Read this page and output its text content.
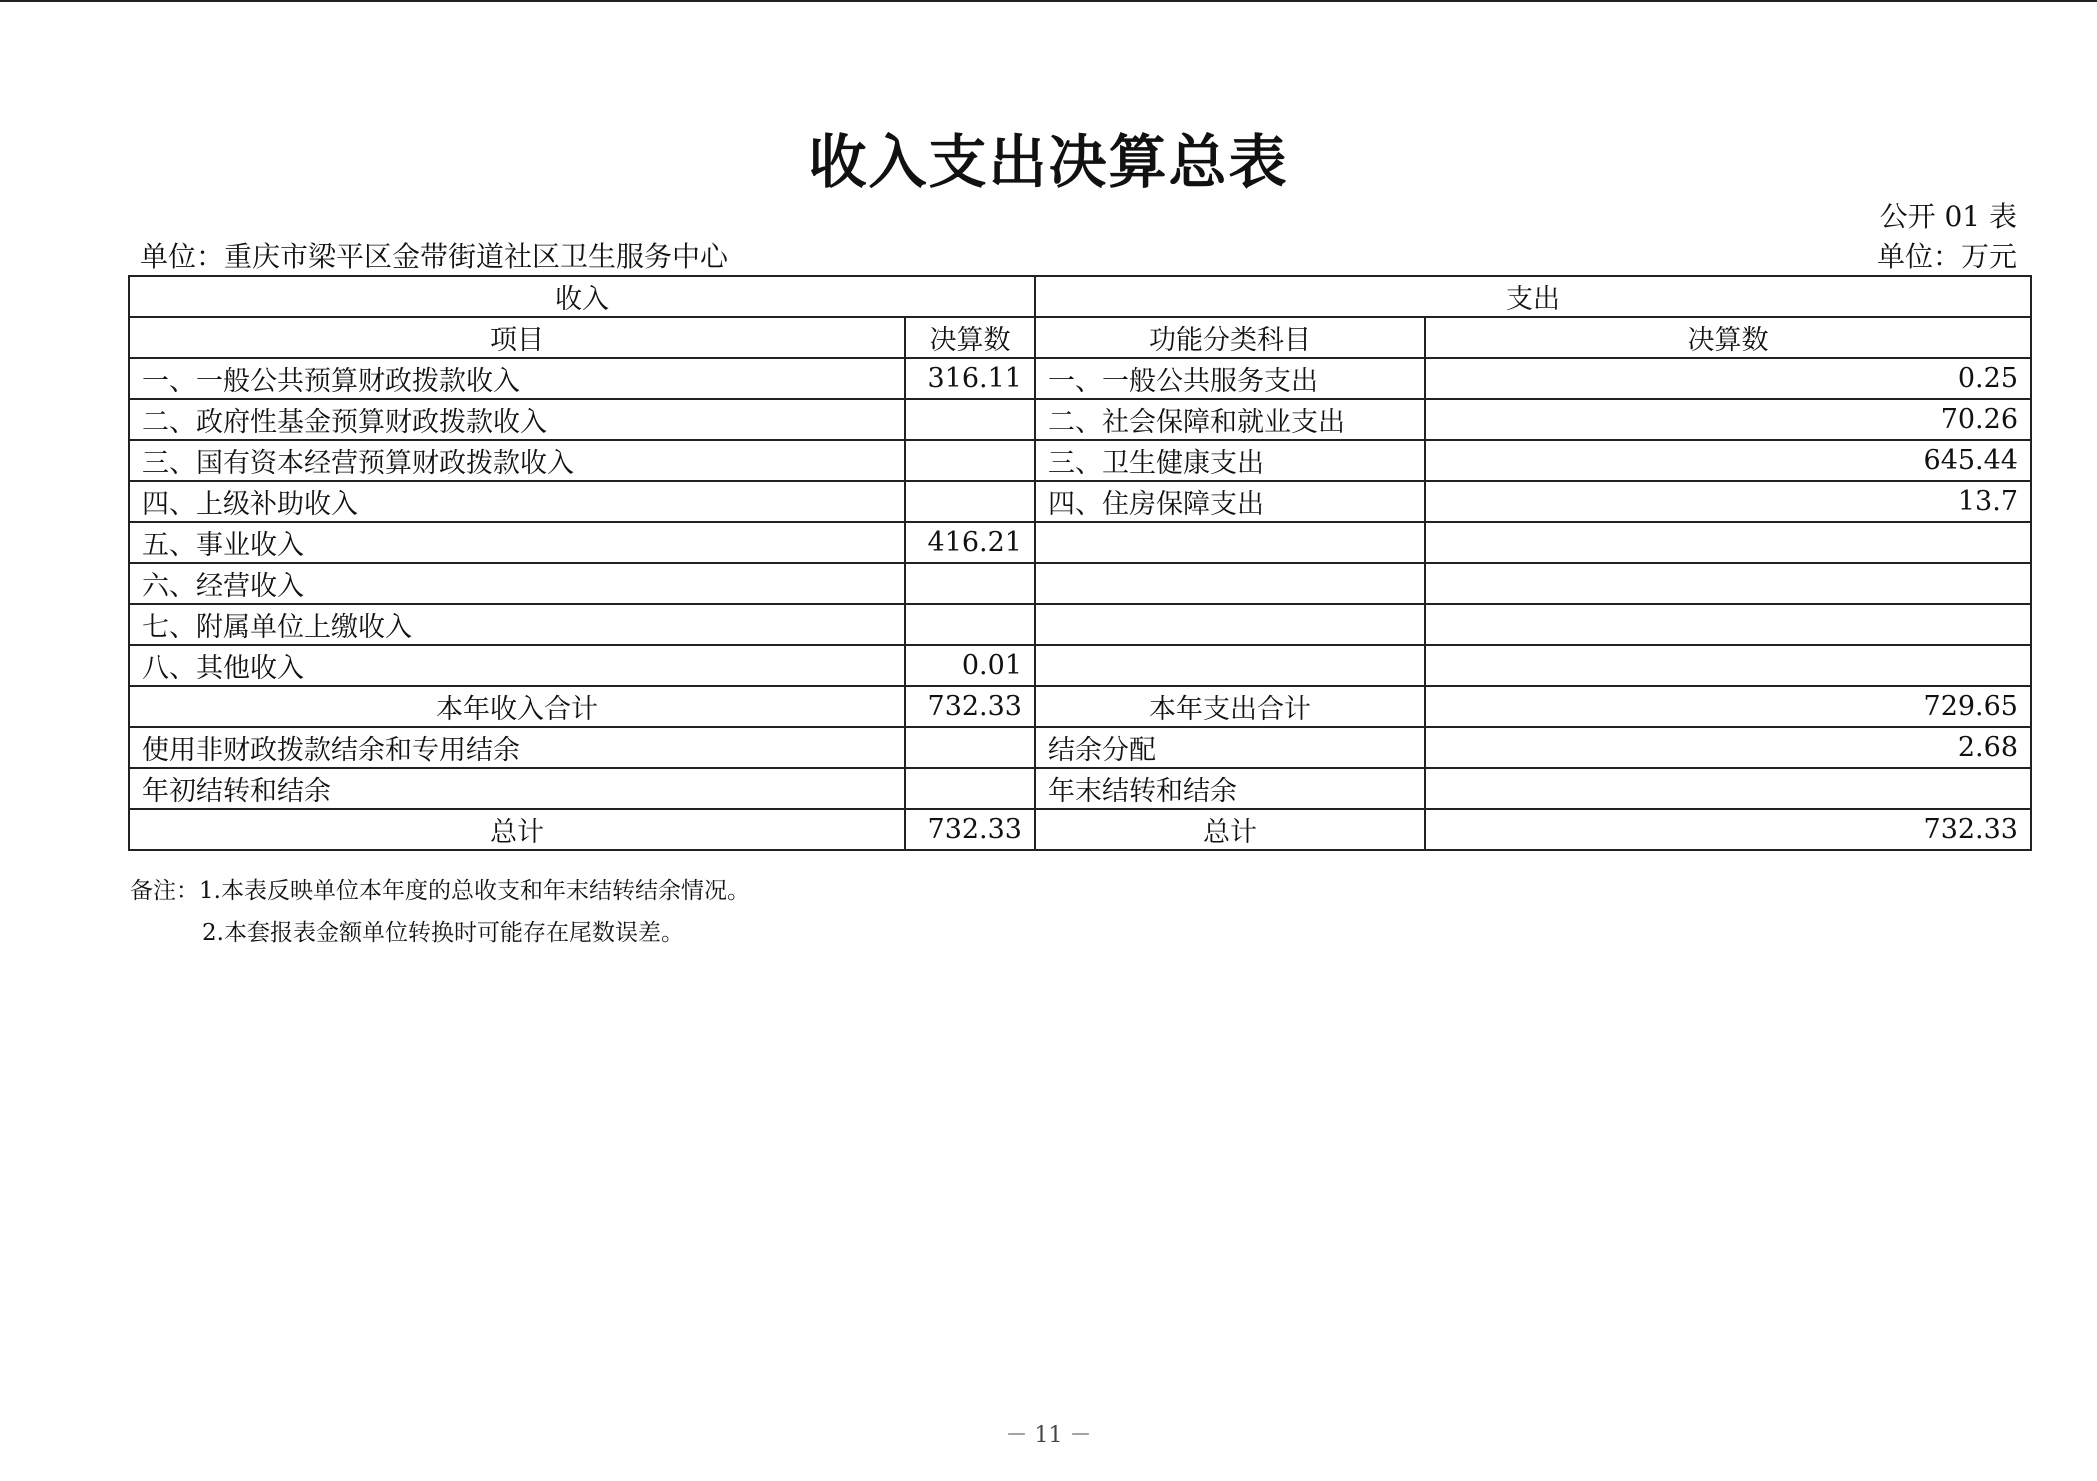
收入支出决算总表
公开 01 表
单位：重庆市梁平区金带街道社区卫生服务中心	单位：万元
收入		支出	
项目	决算数	功能分类科目	决算数
一、一般公共预算财政拨款收入	316.11	一、一般公共服务支出	0.25
二、政府性基金预算财政拨款收入		二、社会保障和就业支出	70.26
三、国有资本经营预算财政拨款收入		三、卫生健康支出	645.44
四、上级补助收入		四、住房保障支出	13.7
五、事业收入	416.21		
六、经营收入			
七、附属单位上缴收入			
八、其他收入	0.01		
本年收入合计	732.33	本年支出合计	729.65
使用非财政拨款结余和专用结余		结余分配	2.68
年初结转和结余		年末结转和结余	
总计	732.33	总计	732.33
备注：1.本表反映单位本年度的总收支和年末结转结余情况。
2.本套报表金额单位转换时可能存在尾数误差。
－ 11 －
